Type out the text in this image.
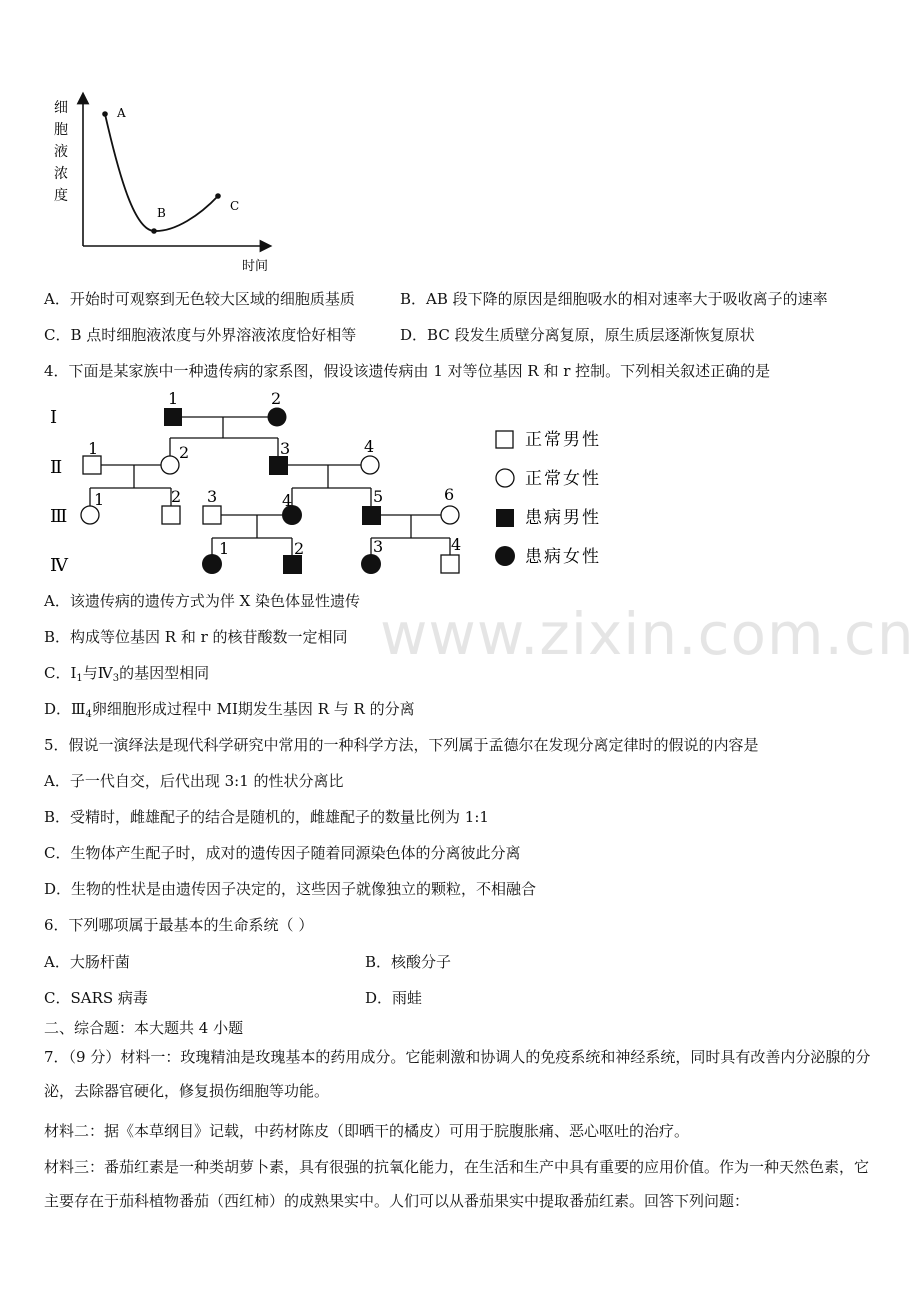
www.zixin.com.cn
A
B	C
细
胞
液
浓
度
时间
A．开始时可观察到无色较大区域的细胞质基质	B．AB 段下降的原因是细胞吸水的相对速率大于吸收离子的速率
C．B 点时细胞液浓度与外界溶液浓度恰好相等	D．BC 段发生质壁分离复原，原生质层逐渐恢复原状
4．下面是某家族中一种遗传病的家系图，假设该遗传病由 1 对等位基因 R 和 r 控制。下列相关叙述正确的是
Ⅰ
Ⅱ
Ⅲ
Ⅳ
1	2
1	2	3	4
1	2 3	4	5	6
1	2	3	4
正常男性
正常女性
患病男性
患病女性
A．该遗传病的遗传方式为伴 X 染色体显性遗传
B．构成等位基因 R 和 r 的核苷酸数一定相同
C．$Ⅰ_1$与$Ⅳ_3$的基因型相同
D．$Ⅲ_4$卵细胞形成过程中 MⅠ期发生基因 R 与 R 的分离
5．假说一演绎法是现代科学研究中常用的一种科学方法，下列属于孟德尔在发现分离定律时的假说的内容是
A．子一代自交，后代出现 3:1 的性状分离比
B．受精时，雌雄配子的结合是随机的，雌雄配子的数量比例为 1:1
C．生物体产生配子时，成对的遗传因子随着同源染色体的分离彼此分离
D．生物的性状是由遗传因子决定的，这些因子就像独立的颗粒，不相融合
6．下列哪项属于最基本的生命系统（ ）
A．大肠杆菌	B．核酸分子
C．SARS 病毒	D．雨蛙
二、综合题：本大题共 4 小题
7．（9 分）材料一：玫瑰精油是玫瑰基本的药用成分。它能刺激和协调人的免疫系统和神经系统，同时具有改善内分泌腺的分泌，去除器官硬化，修复损伤细胞等功能。
材料二：据《本草纲目》记载，中药材陈皮（即晒干的橘皮）可用于脘腹胀痛、恶心呕吐的治疗。
材料三：番茄红素是一种类胡萝卜素，具有很强的抗氧化能力，在生活和生产中具有重要的应用价值。作为一种天然色素，它主要存在于茄科植物番茄（西红柿）的成熟果实中。人们可以从番茄果实中提取番茄红素。回答下列问题：
